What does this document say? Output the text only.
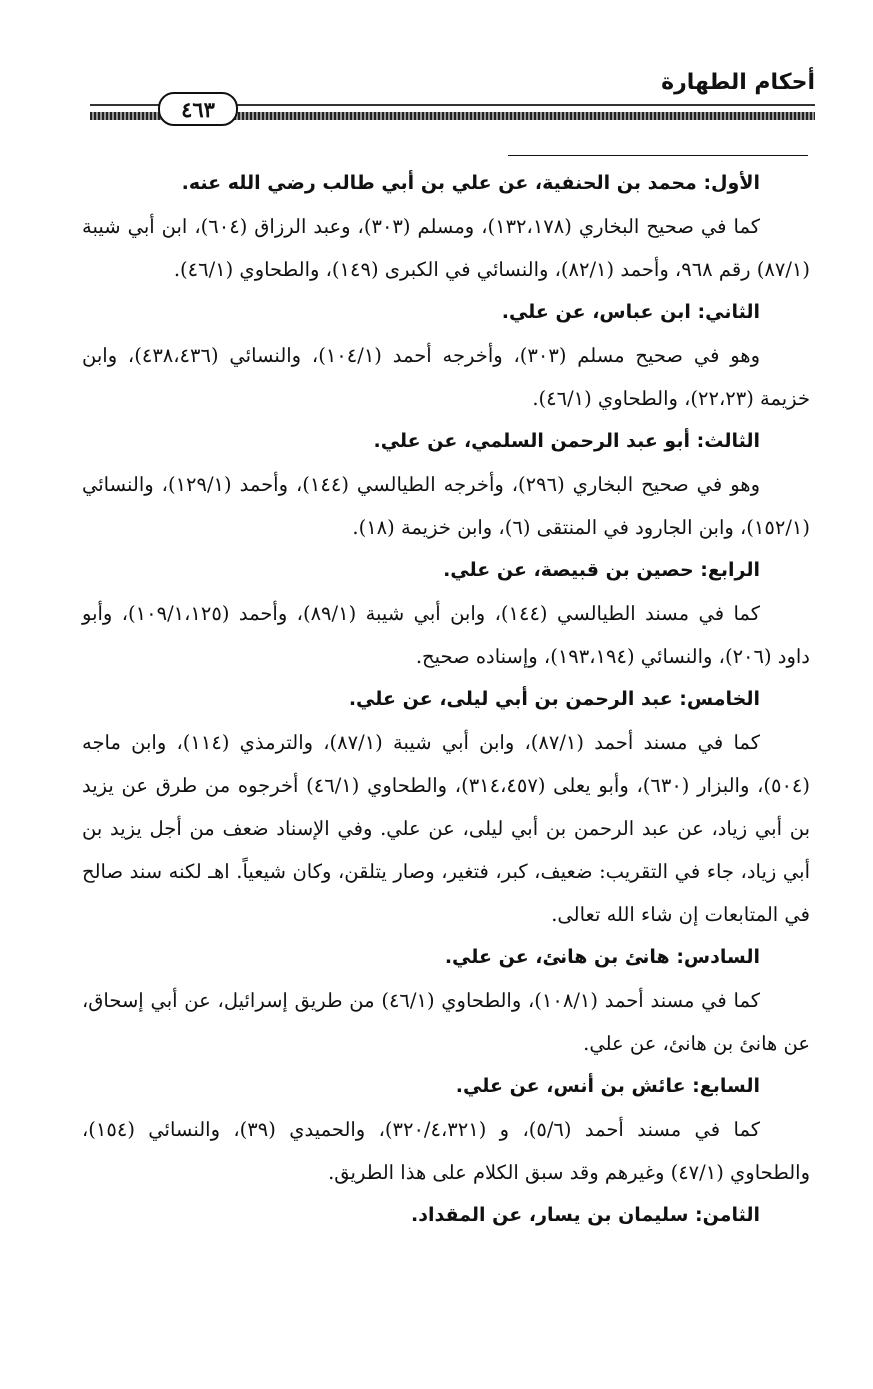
أحكام الطهارة
٤٦٣

الأول: محمد بن الحنفية، عن علي بن أبي طالب رضي الله عنه.

كما في صحيح البخاري (١٣٢،١٧٨)، ومسلم (٣٠٣)، وعبد الرزاق (٦٠٤)، ابن أبي شيبة (٨٧/١) رقم ٩٦٨، وأحمد (٨٢/١)، والنسائي في الكبرى (١٤٩)، والطحاوي (٤٦/١).

الثاني: ابن عباس، عن علي.

وهو في صحيح مسلم (٣٠٣)، وأخرجه أحمد (١٠٤/١)، والنسائي (٤٣٨،٤٣٦)، وابن خزيمة (٢٢،٢٣)، والطحاوي (٤٦/١).

الثالث: أبو عبد الرحمن السلمي، عن علي.

وهو في صحيح البخاري (٢٩٦)، وأخرجه الطيالسي (١٤٤)، وأحمد (١٢٩/١)، والنسائي (١٥٢/١)، وابن الجارود في المنتقى (٦)، وابن خزيمة (١٨).

الرابع: حصين بن قبيصة، عن علي.

كما في مسند الطيالسي (١٤٤)، وابن أبي شيبة (٨٩/١)، وأحمد (١٠٩/١،١٢٥)، وأبو داود (٢٠٦)، والنسائي (١٩٣،١٩٤)، وإسناده صحيح.

الخامس: عبد الرحمن بن أبي ليلى، عن علي.

كما في مسند أحمد (٨٧/١)، وابن أبي شيبة (٨٧/١)، والترمذي (١١٤)، وابن ماجه (٥٠٤)، والبزار (٦٣٠)، وأبو يعلى (٣١٤،٤٥٧)، والطحاوي (٤٦/١) أخرجوه من طرق عن يزيد بن أبي زياد، عن عبد الرحمن بن أبي ليلى، عن علي. وفي الإسناد ضعف من أجل يزيد بن أبي زياد، جاء في التقريب: ضعيف، كبر، فتغير، وصار يتلقن، وكان شيعياً. اهـ لكنه سند صالح في المتابعات إن شاء الله تعالى.

السادس: هانئ بن هانئ، عن علي.

كما في مسند أحمد (١٠٨/١)، والطحاوي (٤٦/١) من طريق إسرائيل، عن أبي إسحاق، عن هانئ بن هانئ، عن علي.

السابع: عائش بن أنس، عن علي.

كما في مسند أحمد (٥/٦)، و (٣٢٠/٤،٣٢١)، والحميدي (٣٩)، والنسائي (١٥٤)، والطحاوي (٤٧/١) وغيرهم وقد سبق الكلام على هذا الطريق.

الثامن: سليمان بن يسار، عن المقداد.
